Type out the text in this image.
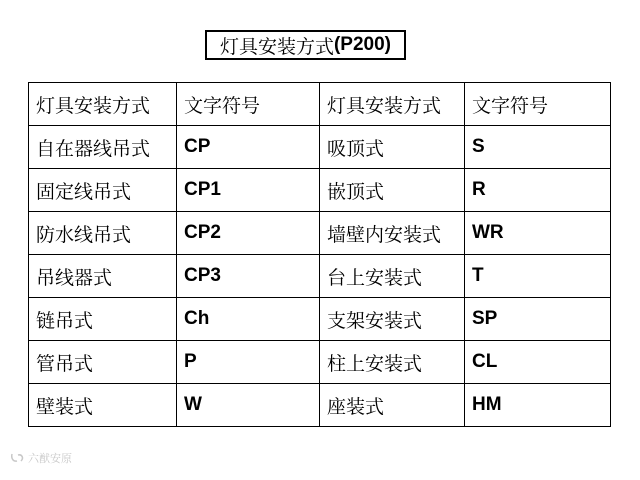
灯具安装方式 (P200)
灯具安装方式	文字符号	灯具安装方式	文字符号
自在器线吊式	CP	吸顶式	S
固定线吊式	CP1	嵌顶式	R
防水线吊式	CP2	墙壁内安装式	WR
吊线器式	CP3	台上安装式	T
链吊式	Ch	支架安装式	SP
管吊式	P	柱上安装式	CL
壁装式	W	座装式	HM
六猷安原
